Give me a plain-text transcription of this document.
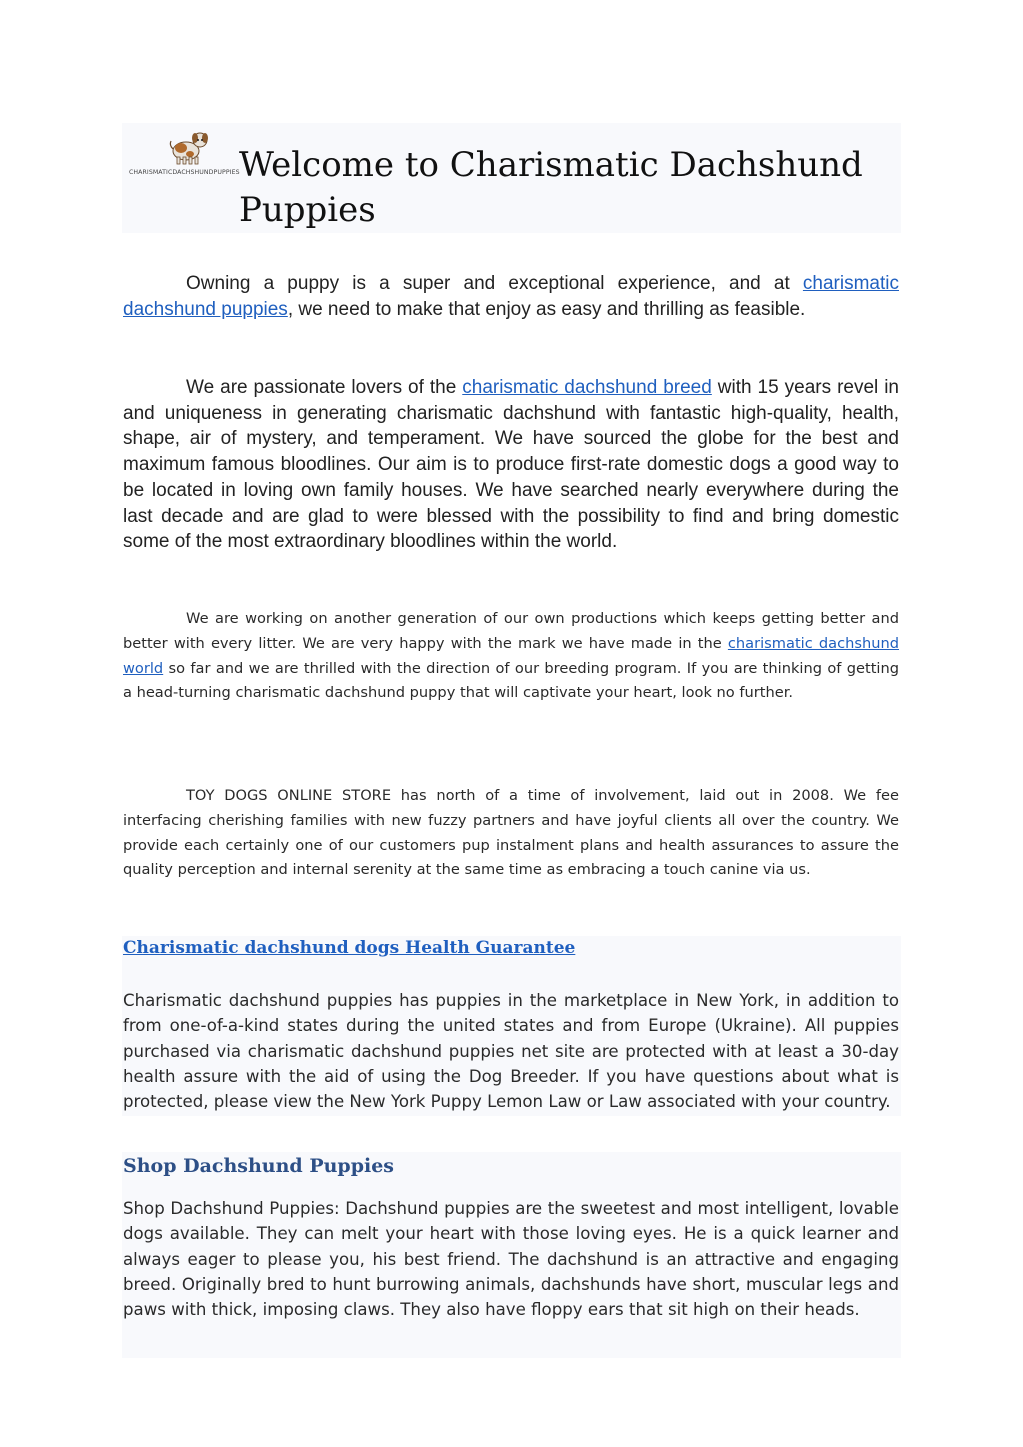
CHARISMATICDACHSHUNDPUPPIES Welcome to Charismatic Dachshund Puppies

Owning a puppy is a super and exceptional experience, and at charismatic dachshund puppies, we need to make that enjoy as easy and thrilling as feasible.

We are passionate lovers of the charismatic dachshund breed with 15 years revel in and uniqueness in generating charismatic dachshund with fantastic high-quality, health, shape, air of mystery, and temperament. We have sourced the globe for the best and maximum famous bloodlines. Our aim is to produce first-rate domestic dogs a good way to be located in loving own family houses. We have searched nearly everywhere during the last decade and are glad to were blessed with the possibility to find and bring domestic some of the most extraordinary bloodlines within the world.

We are working on another generation of our own productions which keeps getting better and better with every litter. We are very happy with the mark we have made in the charismatic dachshund world so far and we are thrilled with the direction of our breeding program. If you are thinking of getting a head-turning charismatic dachshund puppy that will captivate your heart, look no further.

TOY DOGS ONLINE STORE has north of a time of involvement, laid out in 2008. We fee interfacing cherishing families with new fuzzy partners and have joyful clients all over the country. We provide each certainly one of our customers pup instalment plans and health assurances to assure the quality perception and internal serenity at the same time as embracing a touch canine via us.

Charismatic dachshund dogs Health Guarantee

Charismatic dachshund puppies has puppies in the marketplace in New York, in addition to from one-of-a-kind states during the united states and from Europe (Ukraine). All puppies purchased via charismatic dachshund puppies net site are protected with at least a 30-day health assure with the aid of using the Dog Breeder. If you have questions about what is protected, please view the New York Puppy Lemon Law or Law associated with your country.

Shop Dachshund Puppies

Shop Dachshund Puppies: Dachshund puppies are the sweetest and most intelligent, lovable dogs available. They can melt your heart with those loving eyes. He is a quick learner and always eager to please you, his best friend. The dachshund is an attractive and engaging breed. Originally bred to hunt burrowing animals, dachshunds have short, muscular legs and paws with thick, imposing claws. They also have floppy ears that sit high on their heads.
